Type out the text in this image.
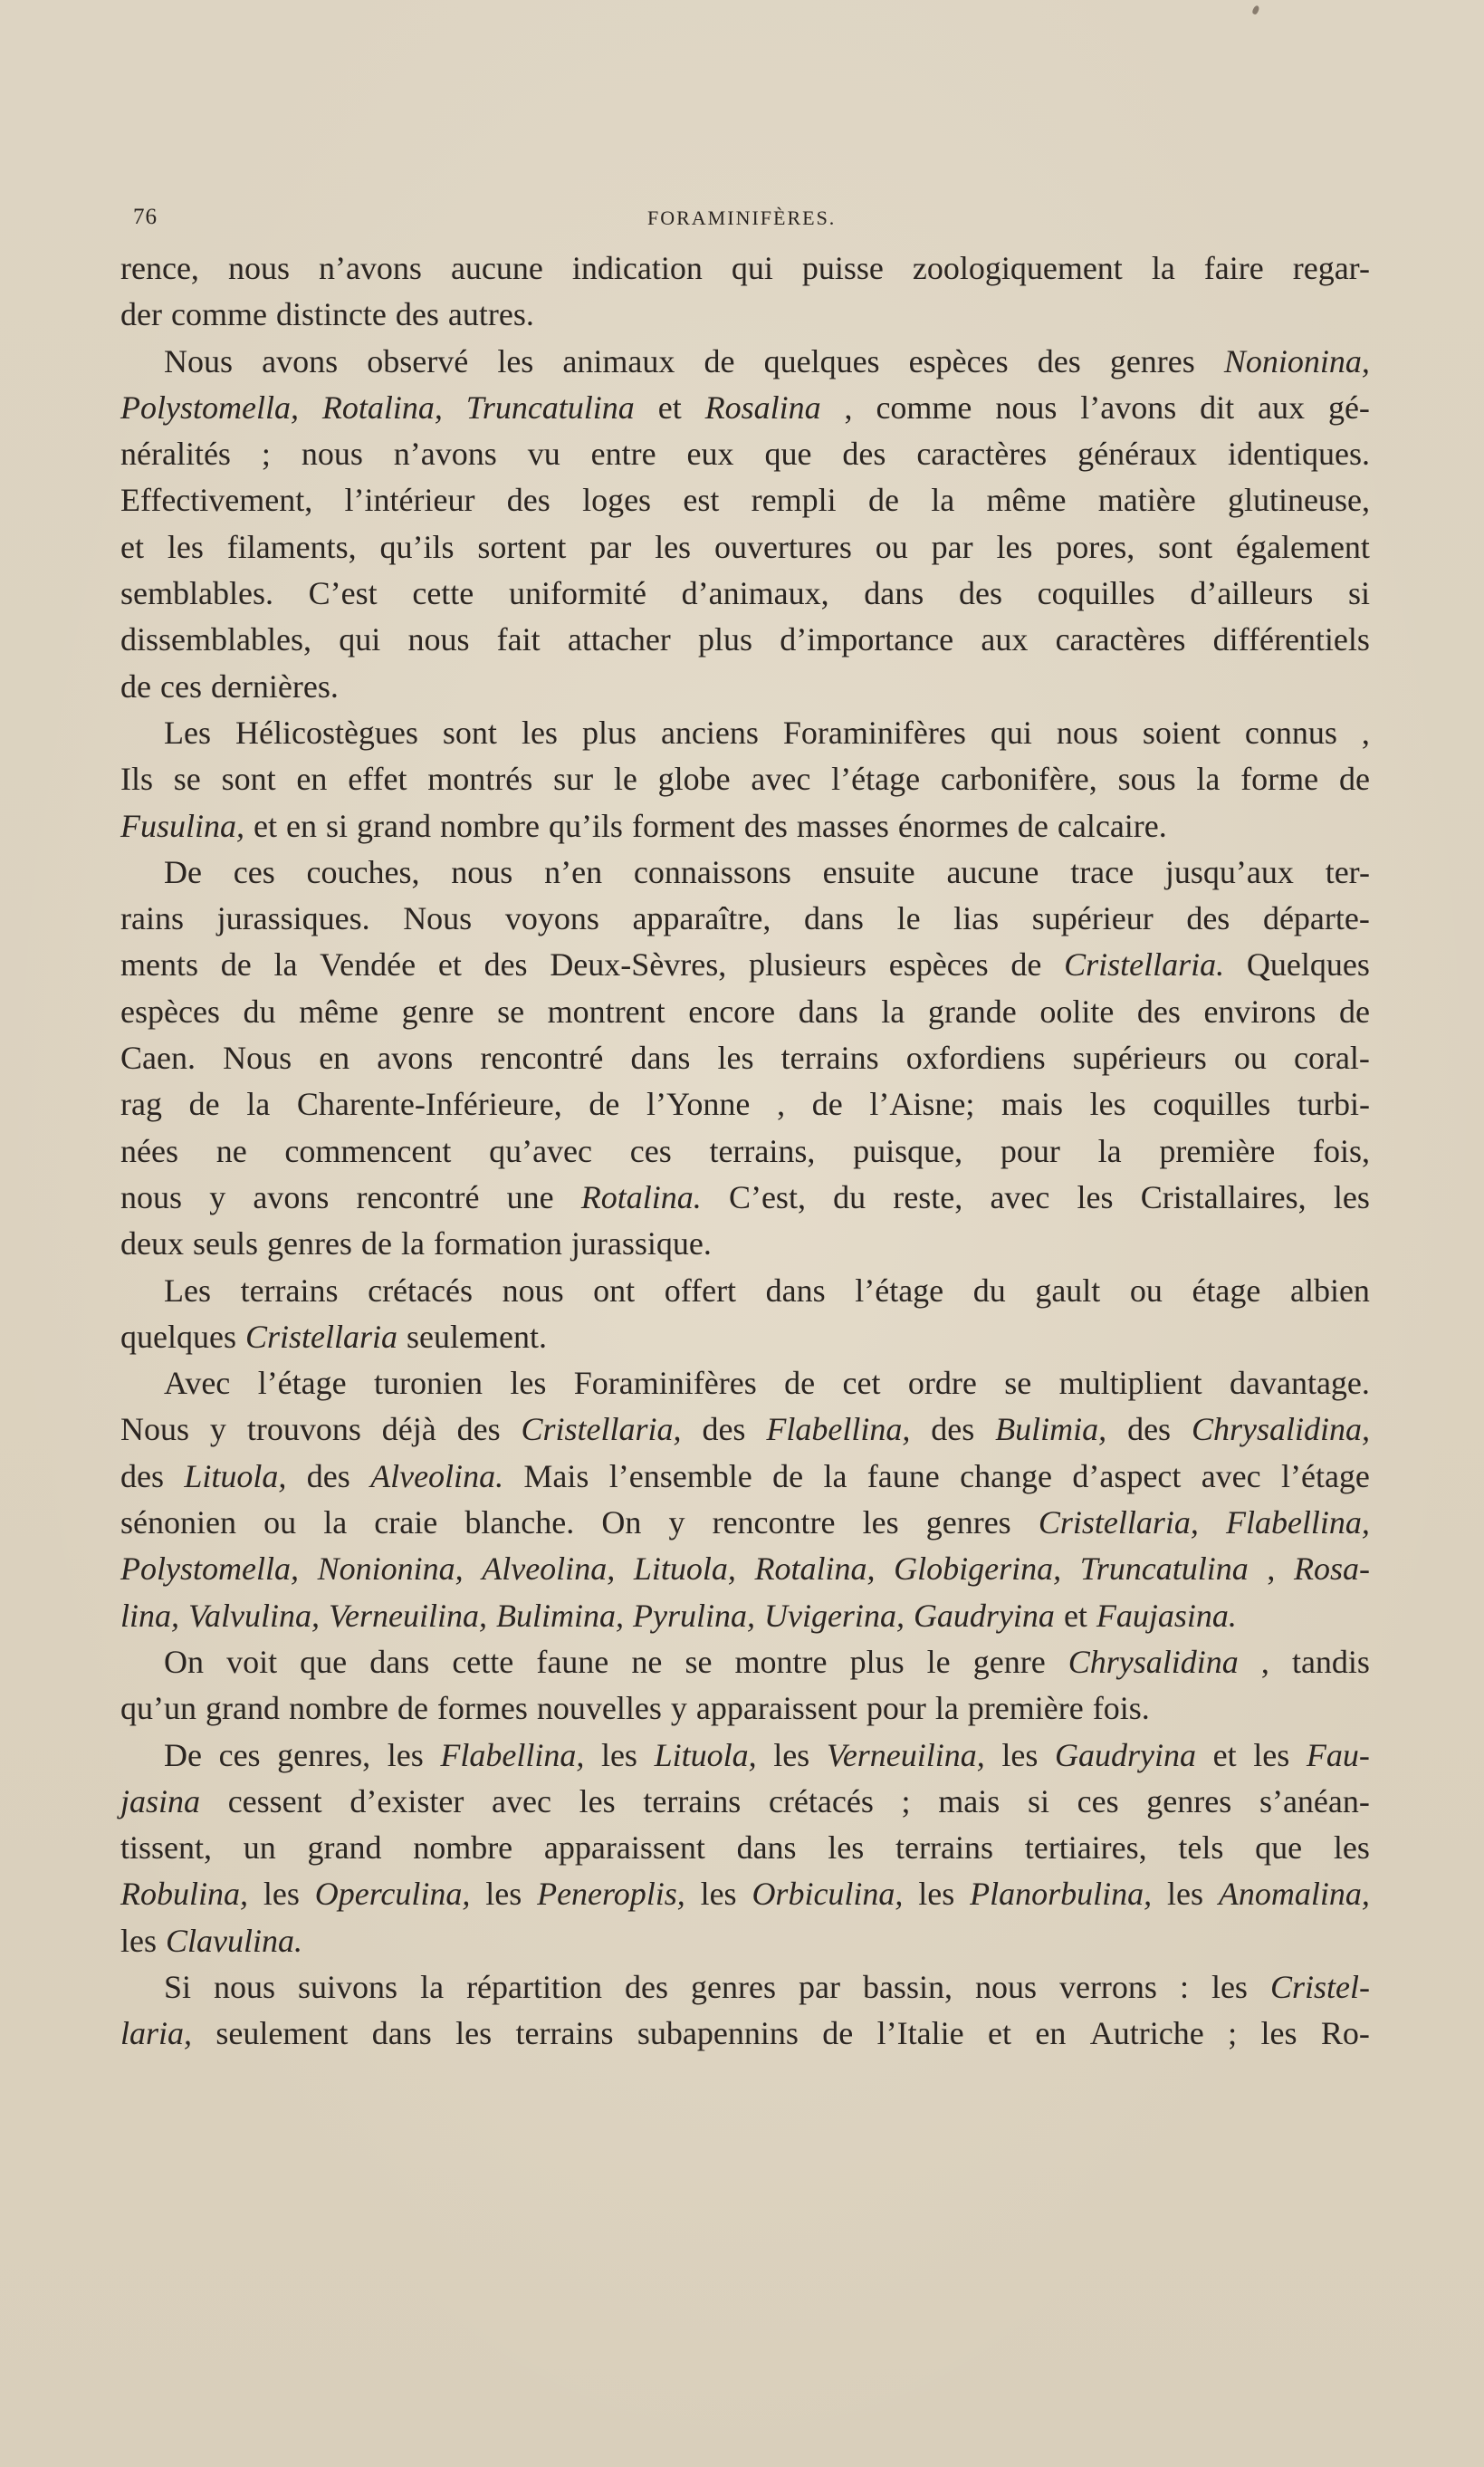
76	FORAMINIFÈRES.
rence, nous n’avons aucune indication qui puisse zoologiquement la faire regar-
der comme distincte des autres.
Nous avons observé les animaux de quelques espèces des genres Nonionina,
Polystomella, Rotalina, Truncatulina et Rosalina , comme nous l’avons dit aux gé-
néralités ; nous n’avons vu entre eux que des caractères généraux identiques.
Effectivement, l’intérieur des loges est rempli de la même matière glutineuse,
et les filaments, qu’ils sortent par les ouvertures ou par les pores, sont également
semblables. C’est cette uniformité d’animaux, dans des coquilles d’ailleurs si
dissemblables, qui nous fait attacher plus d’importance aux caractères différentiels
de ces dernières.
Les Hélicostègues sont les plus anciens Foraminifères qui nous soient connus ,
Ils se sont en effet montrés sur le globe avec l’étage carbonifère, sous la forme de
Fusulina, et en si grand nombre qu’ils forment des masses énormes de calcaire.
De ces couches, nous n’en connaissons ensuite aucune trace jusqu’aux ter-
rains jurassiques. Nous voyons apparaître, dans le lias supérieur des départe-
ments de la Vendée et des Deux-Sèvres, plusieurs espèces de Cristellaria. Quelques
espèces du même genre se montrent encore dans la grande oolite des environs de
Caen. Nous en avons rencontré dans les terrains oxfordiens supérieurs ou coral-
rag de la Charente-Inférieure, de l’Yonne , de l’Aisne; mais les coquilles turbi-
nées ne commencent qu’avec ces terrains, puisque, pour la première fois,
nous y avons rencontré une Rotalina. C’est, du reste, avec les Cristallaires, les
deux seuls genres de la formation jurassique.
Les terrains crétacés nous ont offert dans l’étage du gault ou étage albien
quelques Cristellaria seulement.
Avec l’étage turonien les Foraminifères de cet ordre se multiplient davantage.
Nous y trouvons déjà des Cristellaria, des Flabellina, des Bulimia, des Chrysalidina,
des Lituola, des Alveolina. Mais l’ensemble de la faune change d’aspect avec l’étage
sénonien ou la craie blanche. On y rencontre les genres Cristellaria, Flabellina,
Polystomella, Nonionina, Alveolina, Lituola, Rotalina, Globigerina, Truncatulina , Rosa-
lina, Valvulina, Verneuilina, Bulimina, Pyrulina, Uvigerina, Gaudryina et Faujasina.
On voit que dans cette faune ne se montre plus le genre Chrysalidina , tandis
qu’un grand nombre de formes nouvelles y apparaissent pour la première fois.
De ces genres, les Flabellina, les Lituola, les Verneuilina, les Gaudryina et les Fau-
jasina cessent d’exister avec les terrains crétacés ; mais si ces genres s’anéan-
tissent, un grand nombre apparaissent dans les terrains tertiaires, tels que les
Robulina, les Operculina, les Peneroplis, les Orbiculina, les Planorbulina, les Anomalina,
les Clavulina.
Si nous suivons la répartition des genres par bassin, nous verrons : les Cristel-
laria, seulement dans les terrains subapennins de l’Italie et en Autriche ; les Ro-
